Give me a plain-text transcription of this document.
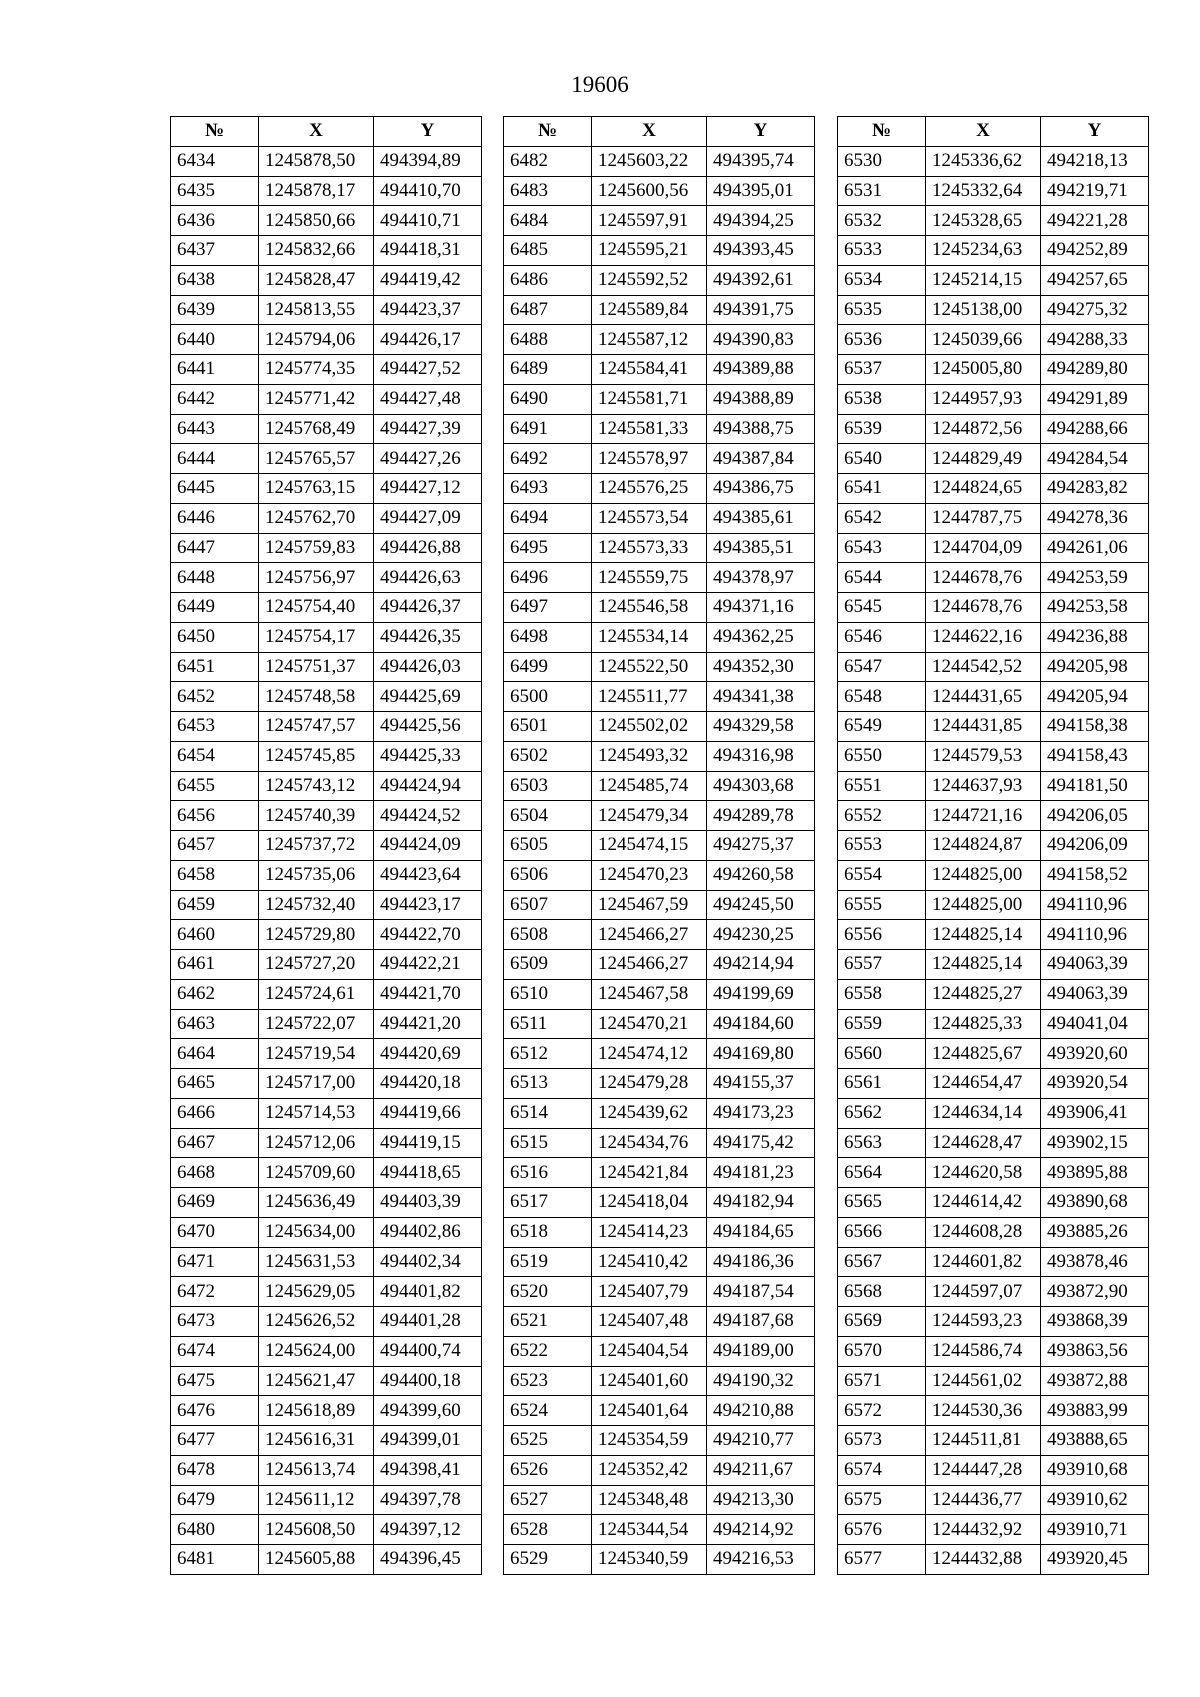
19606
№	X	Y
6434	1245878,50	494394,89
6435	1245878,17	494410,70
6436	1245850,66	494410,71
6437	1245832,66	494418,31
6438	1245828,47	494419,42
6439	1245813,55	494423,37
6440	1245794,06	494426,17
6441	1245774,35	494427,52
6442	1245771,42	494427,48
6443	1245768,49	494427,39
6444	1245765,57	494427,26
6445	1245763,15	494427,12
6446	1245762,70	494427,09
6447	1245759,83	494426,88
6448	1245756,97	494426,63
6449	1245754,40	494426,37
6450	1245754,17	494426,35
6451	1245751,37	494426,03
6452	1245748,58	494425,69
6453	1245747,57	494425,56
6454	1245745,85	494425,33
6455	1245743,12	494424,94
6456	1245740,39	494424,52
6457	1245737,72	494424,09
6458	1245735,06	494423,64
6459	1245732,40	494423,17
6460	1245729,80	494422,70
6461	1245727,20	494422,21
6462	1245724,61	494421,70
6463	1245722,07	494421,20
6464	1245719,54	494420,69
6465	1245717,00	494420,18
6466	1245714,53	494419,66
6467	1245712,06	494419,15
6468	1245709,60	494418,65
6469	1245636,49	494403,39
6470	1245634,00	494402,86
6471	1245631,53	494402,34
6472	1245629,05	494401,82
6473	1245626,52	494401,28
6474	1245624,00	494400,74
6475	1245621,47	494400,18
6476	1245618,89	494399,60
6477	1245616,31	494399,01
6478	1245613,74	494398,41
6479	1245611,12	494397,78
6480	1245608,50	494397,12
6481	1245605,88	494396,45
№	X	Y
6482	1245603,22	494395,74
6483	1245600,56	494395,01
6484	1245597,91	494394,25
6485	1245595,21	494393,45
6486	1245592,52	494392,61
6487	1245589,84	494391,75
6488	1245587,12	494390,83
6489	1245584,41	494389,88
6490	1245581,71	494388,89
6491	1245581,33	494388,75
6492	1245578,97	494387,84
6493	1245576,25	494386,75
6494	1245573,54	494385,61
6495	1245573,33	494385,51
6496	1245559,75	494378,97
6497	1245546,58	494371,16
6498	1245534,14	494362,25
6499	1245522,50	494352,30
6500	1245511,77	494341,38
6501	1245502,02	494329,58
6502	1245493,32	494316,98
6503	1245485,74	494303,68
6504	1245479,34	494289,78
6505	1245474,15	494275,37
6506	1245470,23	494260,58
6507	1245467,59	494245,50
6508	1245466,27	494230,25
6509	1245466,27	494214,94
6510	1245467,58	494199,69
6511	1245470,21	494184,60
6512	1245474,12	494169,80
6513	1245479,28	494155,37
6514	1245439,62	494173,23
6515	1245434,76	494175,42
6516	1245421,84	494181,23
6517	1245418,04	494182,94
6518	1245414,23	494184,65
6519	1245410,42	494186,36
6520	1245407,79	494187,54
6521	1245407,48	494187,68
6522	1245404,54	494189,00
6523	1245401,60	494190,32
6524	1245401,64	494210,88
6525	1245354,59	494210,77
6526	1245352,42	494211,67
6527	1245348,48	494213,30
6528	1245344,54	494214,92
6529	1245340,59	494216,53
№	X	Y
6530	1245336,62	494218,13
6531	1245332,64	494219,71
6532	1245328,65	494221,28
6533	1245234,63	494252,89
6534	1245214,15	494257,65
6535	1245138,00	494275,32
6536	1245039,66	494288,33
6537	1245005,80	494289,80
6538	1244957,93	494291,89
6539	1244872,56	494288,66
6540	1244829,49	494284,54
6541	1244824,65	494283,82
6542	1244787,75	494278,36
6543	1244704,09	494261,06
6544	1244678,76	494253,59
6545	1244678,76	494253,58
6546	1244622,16	494236,88
6547	1244542,52	494205,98
6548	1244431,65	494205,94
6549	1244431,85	494158,38
6550	1244579,53	494158,43
6551	1244637,93	494181,50
6552	1244721,16	494206,05
6553	1244824,87	494206,09
6554	1244825,00	494158,52
6555	1244825,00	494110,96
6556	1244825,14	494110,96
6557	1244825,14	494063,39
6558	1244825,27	494063,39
6559	1244825,33	494041,04
6560	1244825,67	493920,60
6561	1244654,47	493920,54
6562	1244634,14	493906,41
6563	1244628,47	493902,15
6564	1244620,58	493895,88
6565	1244614,42	493890,68
6566	1244608,28	493885,26
6567	1244601,82	493878,46
6568	1244597,07	493872,90
6569	1244593,23	493868,39
6570	1244586,74	493863,56
6571	1244561,02	493872,88
6572	1244530,36	493883,99
6573	1244511,81	493888,65
6574	1244447,28	493910,68
6575	1244436,77	493910,62
6576	1244432,92	493910,71
6577	1244432,88	493920,45
